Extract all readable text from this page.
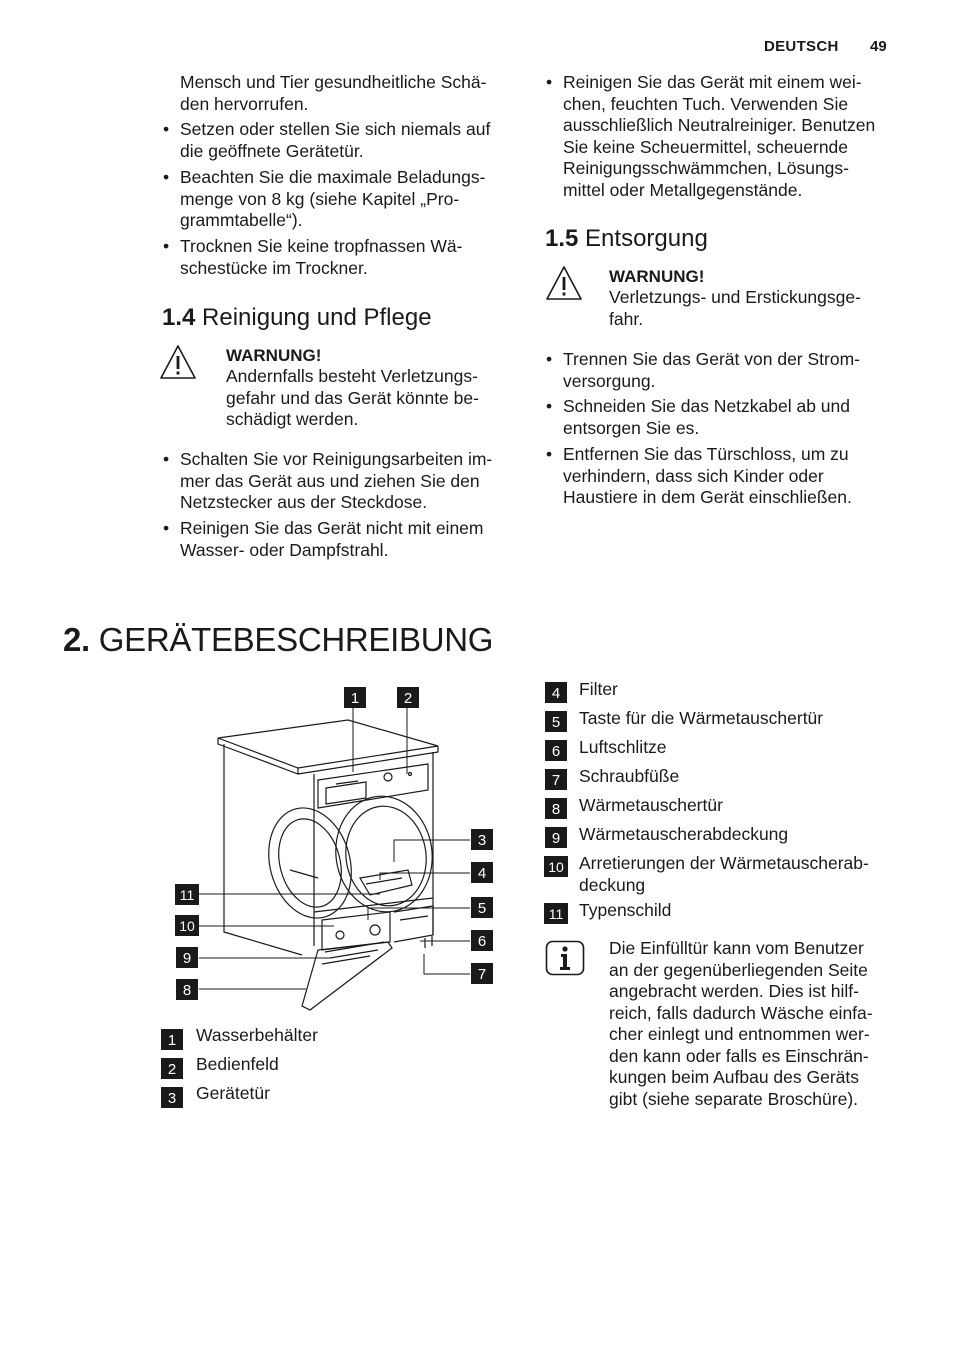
DEUTSCH 49
Mensch und Tier gesundheitliche Schä-
den hervorrufen.
• Setzen oder stellen Sie sich niemals auf
die geöffnete Gerätetür.
• Beachten Sie die maximale Beladungs-
menge von 8 kg (siehe Kapitel „Pro-
grammtabelle“).
• Trocknen Sie keine tropfnassen Wä-
schestücke im Trockner.
1.4 Reinigung und Pflege
WARNUNG!
Andernfalls besteht Verletzungs-
gefahr und das Gerät könnte be-
schädigt werden.
• Schalten Sie vor Reinigungsarbeiten im-
mer das Gerät aus und ziehen Sie den
Netzstecker aus der Steckdose.
• Reinigen Sie das Gerät nicht mit einem
Wasser- oder Dampfstrahl.
• Reinigen Sie das Gerät mit einem wei-
chen, feuchten Tuch. Verwenden Sie
ausschließlich Neutralreiniger. Benutzen
Sie keine Scheuermittel, scheuernde
Reinigungsschwämmchen, Lösungs-
mittel oder Metallgegenstände.
1.5 Entsorgung
WARNUNG!
Verletzungs- und Erstickungsge-
fahr.
• Trennen Sie das Gerät von der Strom-
versorgung.
• Schneiden Sie das Netzkabel ab und
entsorgen Sie es.
• Entfernen Sie das Türschloss, um zu
verhindern, dass sich Kinder oder
Haustiere in dem Gerät einschließen.
2. GERÄTEBESCHREIBUNG
1	2
3
4
5
6
7
8
9
10
11
1	Wasserbehälter
2	Bedienfeld
3	Gerätetür
4	Filter
5	Taste für die Wärmetauschertür
6	Luftschlitze
7	Schraubfüße
8	Wärmetauschertür
9	Wärmetauscherabdeckung
10 Arretierungen der Wärmetauscherab-
deckung
11 Typenschild
Die Einfülltür kann vom Benutzer
an der gegenüberliegenden Seite
angebracht werden. Dies ist hilf-
reich, falls dadurch Wäsche einfa-
cher einlegt und entnommen wer-
den kann oder falls es Einschrän-
kungen beim Aufbau des Geräts
gibt (siehe separate Broschüre).
